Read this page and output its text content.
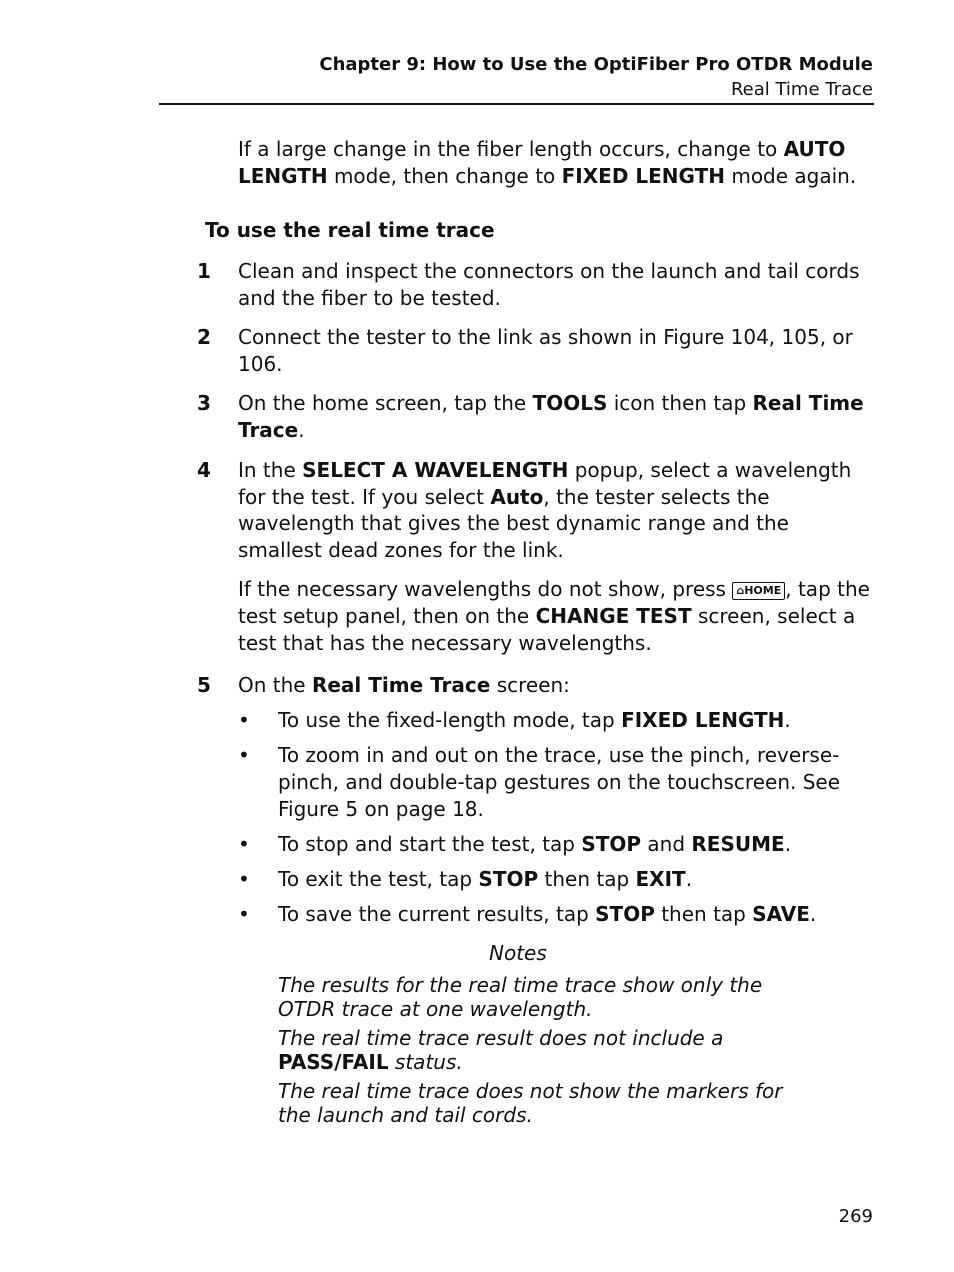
Chapter 9: How to Use the OptiFiber Pro OTDR Module
Real Time Trace
If a large change in the fiber length occurs, change to AUTO LENGTH mode, then change to FIXED LENGTH mode again.
To use the real time trace
1 Clean and inspect the connectors on the launch and tail cords and the fiber to be tested.
2 Connect the tester to the link as shown in Figure 104, 105, or 106.
3 On the home screen, tap the TOOLS icon then tap Real Time Trace.
4 In the SELECT A WAVELENGTH popup, select a wavelength for the test. If you select Auto, the tester selects the wavelength that gives the best dynamic range and the smallest dead zones for the link.
If the necessary wavelengths do not show, press ⌂HOME , tap the test setup panel, then on the CHANGE TEST screen, select a test that has the necessary wavelengths.
5 On the Real Time Trace screen:
• To use the fixed-length mode, tap FIXED LENGTH.
• To zoom in and out on the trace, use the pinch, reverse-pinch, and double-tap gestures on the touchscreen. See Figure 5 on page 18.
• To stop and start the test, tap STOP and RESUME.
• To exit the test, tap STOP then tap EXIT.
• To save the current results, tap STOP then tap SAVE.
Notes
The results for the real time trace show only the OTDR trace at one wavelength.
The real time trace result does not include a PASS/FAIL status.
The real time trace does not show the markers for the launch and tail cords.
269
